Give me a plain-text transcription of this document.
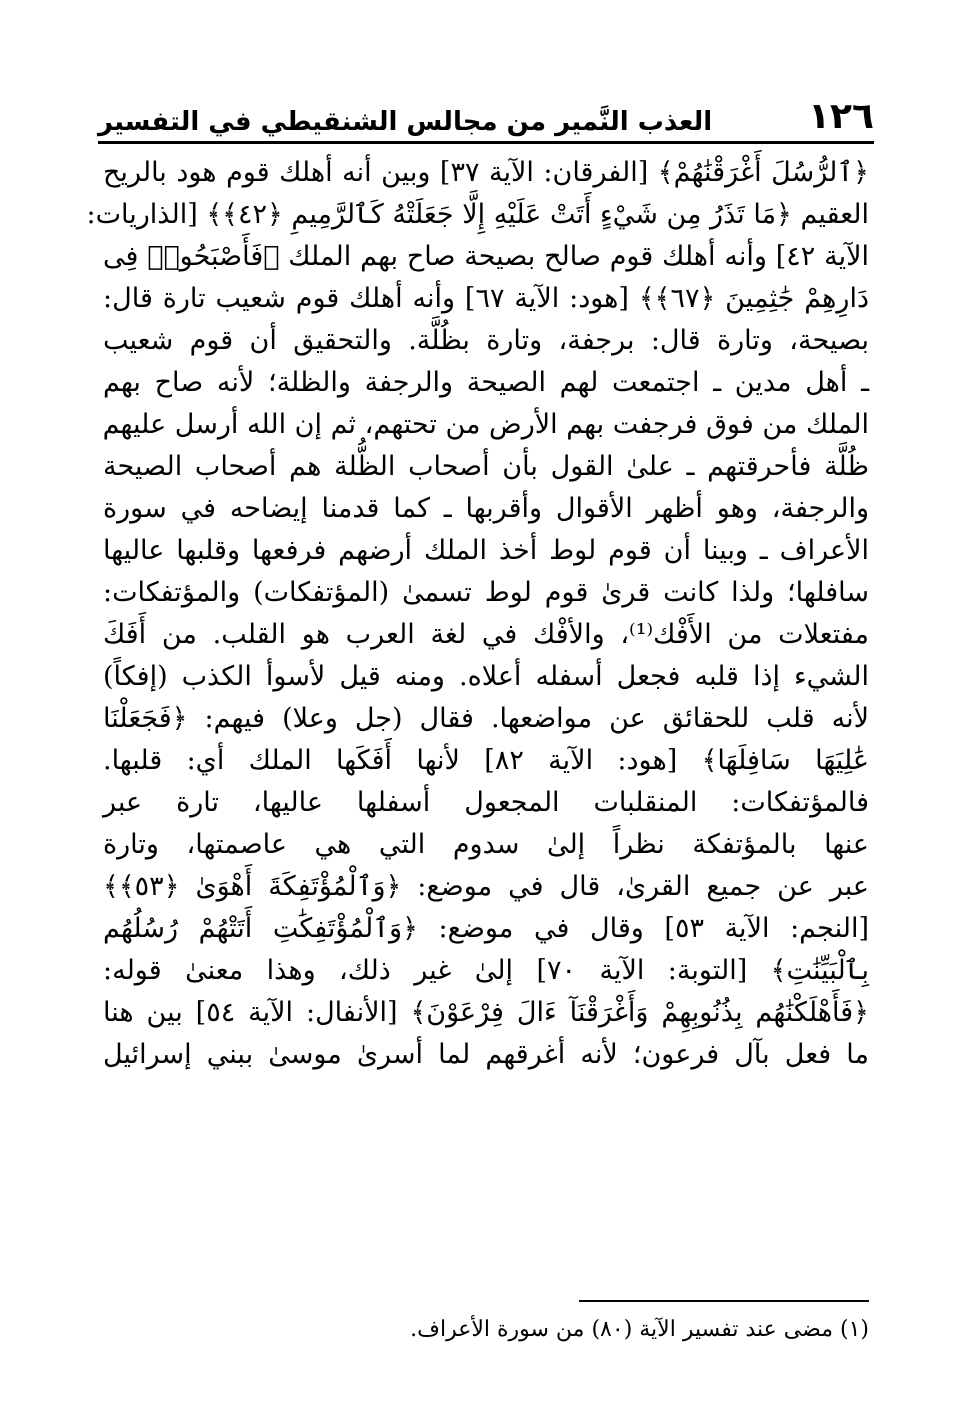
١٢٦
العذب النَّمير من مجالس الشنقيطي في التفسير
﴿ٱلرُّسُلَ أَغْرَقْنَٰهُمْ﴾ [الفرقان: الآية ٣٧] وبين أنه أهلك قوم هود بالريح
العقيم ﴿مَا تَذَرُ مِن شَيْءٍ أَتَتْ عَلَيْهِ إِلَّا جَعَلَتْهُ كَٱلرَّمِيمِ ﴿٤٢﴾﴾ [الذاريات:
الآية ٤٢] وأنه أهلك قوم صالح بصيحة صاح بهم الملك ﴿فَأَصْبَحُوا۟ فِى
دَارِهِمْ جَٰثِمِينَ ﴿٦٧﴾﴾ [هود: الآية ٦٧] وأنه أهلك قوم شعيب تارة قال:
بصيحة، وتارة قال: برجفة، وتارة بظُلَّة. والتحقيق أن قوم شعيب
ـ أهل مدين ـ اجتمعت لهم الصيحة والرجفة والظلة؛ لأنه صاح بهم
الملك من فوق فرجفت بهم الأرض من تحتهم، ثم إن الله أرسل عليهم
ظُلَّة فأحرقتهم ـ علىٰ القول بأن أصحاب الظُّلة هم أصحاب الصيحة
والرجفة، وهو أظهر الأقوال وأقربها ـ كما قدمنا إيضاحه في سورة
الأعراف ـ وبينا أن قوم لوط أخذ الملك أرضهم فرفعها وقلبها عاليها
سافلها؛ ولذا كانت قرىٰ قوم لوط تسمىٰ (المؤتفكات) والمؤتفكات:
مفتعلات من الأَفْك⁽¹⁾، والأفْك في لغة العرب هو القلب. من أَفَكَ
الشيء إذا قلبه فجعل أسفله أعلاه. ومنه قيل لأسوأ الكذب (إفكاً)
لأنه قلب للحقائق عن مواضعها. فقال (جل وعلا) فيهم: ﴿فَجَعَلْنَا
عَٰلِيَهَا سَافِلَهَا﴾ [هود: الآية ٨٢] لأنها أَفَكَها الملك أي: قلبها.
فالمؤتفكات: المنقلبات المجعول أسفلها عاليها، تارة عبر
عنها بالمؤتفكة نظراً إلىٰ سدوم التي هي عاصمتها، وتارة
عبر عن جميع القرىٰ، قال في موضع: ﴿وَٱلْمُؤْتَفِكَةَ أَهْوَىٰ ﴿٥٣﴾﴾
[النجم: الآية ٥٣] وقال في موضع: ﴿وَٱلْمُؤْتَفِكَٰتِ أَتَتْهُمْ رُسُلُهُم
بِٱلْبَيِّنَٰتِ﴾ [التوبة: الآية ٧٠] إلىٰ غير ذلك، وهذا معنىٰ قوله:
﴿فَأَهْلَكْنَٰهُم بِذُنُوبِهِمْ وَأَغْرَقْنَآ ءَالَ فِرْعَوْنَ﴾ [الأنفال: الآية ٥٤] بين هنا
ما فعل بآل فرعون؛ لأنه أغرقهم لما أسرىٰ موسىٰ ببني إسرائيل
(١) مضى عند تفسير الآية (٨٠) من سورة الأعراف.
